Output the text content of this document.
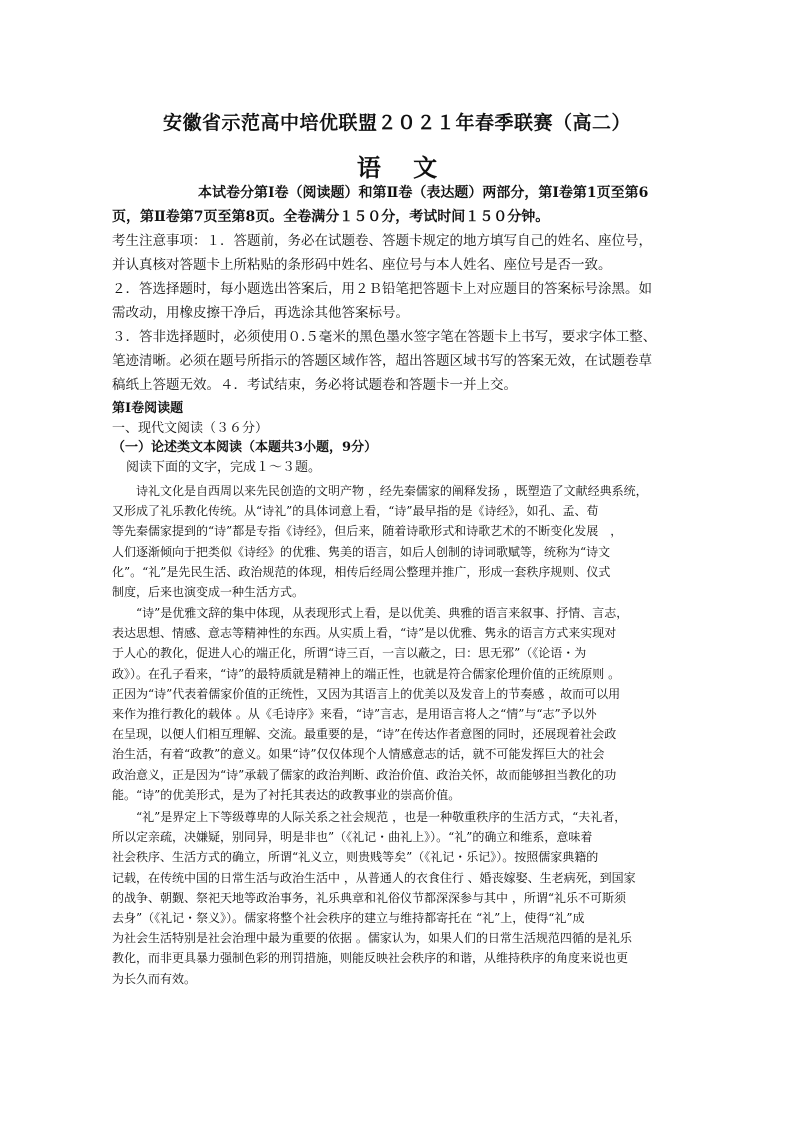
安徽省示范高中培优联盟２０２１年春季联赛（高二）
语 文

本试卷分第Ⅰ卷（阅读题）和第Ⅱ卷（表达题）两部分，第Ⅰ卷第1页至第6
页，第Ⅱ卷第7页至第8页。全卷满分１５０分，考试时间１５０分钟。

考生注意事项：１．答题前，务必在试题卷、答题卡规定的地方填写自己的姓名、座位号，
并认真核对答题卡上所粘贴的条形码中姓名、座位号与本人姓名、座位号是否一致。
２．答选择题时，每小题选出答案后，用２Ｂ铅笔把答题卡上对应题目的答案标号涂黑。如
需改动，用橡皮擦干净后，再选涂其他答案标号。
３．答非选择题时，必须使用０.５毫米的黑色墨水签字笔在答题卡上书写，要求字体工整、
笔迹清晰。必须在题号所指示的答题区域作答，超出答题区域书写的答案无效，在试题卷草
稿纸上答题无效。４．考试结束，务必将试题卷和答题卡一并上交。

第Ⅰ卷阅读题

一、现代文阅读（３６分）

（一）论述类文本阅读（本题共3小题，9分）

阅读下面的文字，完成１～３题。

　　诗礼文化是自西周以来先民创造的文明产物 ，经先秦儒家的阐释发扬 ，既塑造了文献经典系统，
又形成了礼乐教化传统。从“诗礼”的具体词意上看，“诗”最早指的是《诗经》，如孔、孟、荀
等先秦儒家提到的“诗”都是专指《诗经》，但后来，随着诗歌形式和诗歌艺术的不断变化发展　，
人们逐渐倾向于把类似《诗经》的优雅、隽美的语言，如后人创制的诗词歌赋等，统称为“诗文
化”。“礼”是先民生活、政治规范的体现，相传后经周公整理并推广，形成一套秩序规则、仪式
制度，后来也演变成一种生活方式。

　　“诗”是优雅文辞的集中体现，从表现形式上看，是以优美、典雅的语言来叙事、抒情、言志，
表达思想、情感、意志等精神性的东西。从实质上看，“诗”是以优雅、隽永的语言方式来实现对
于人心的教化，促进人心的端正化，所谓“诗三百，一言以蔽之，曰：思无邪”（《论语・为
政》）。在孔子看来，“诗”的最特质就是精神上的端正性，也就是符合儒家伦理价值的正统原则 。
正因为“诗”代表着儒家价值的正统性，又因为其语言上的优美以及发音上的节奏感 ，故而可以用
来作为推行教化的载体 。从《毛诗序》来看，“诗”言志，是用语言将人之“情”与“志”予以外
在呈现，以便人们相互理解、交流。最重要的是，“诗”在传达作者意图的同时，还展现着社会政
治生活，有着“政教”的意义。如果“诗”仅仅体现个人情感意志的话，就不可能发挥巨大的社会
政治意义，正是因为“诗”承载了儒家的政治判断、政治价值、政治关怀，故而能够担当教化的功
能。“诗”的优美形式，是为了衬托其表达的政教事业的崇高价值。

　　“礼”是界定上下等级尊卑的人际关系之社会规范 ，也是一种敬重秩序的生活方式，“夫礼者，
所以定亲疏，决嫌疑，别同异，明是非也”（《礼记・曲礼上》）。“礼”的确立和维系，意味着
社会秩序、生活方式的确立，所谓“礼义立，则贵贱等矣”（《礼记・乐记》）。按照儒家典籍的
记载，在传统中国的日常生活与政治生活中 ，从普通人的衣食住行 、婚丧嫁娶、生老病死，到国家
的战争、朝觐、祭祀天地等政治事务，礼乐典章和礼俗仪节都深深参与其中 ，所谓“礼乐不可斯须
去身”（《礼记・祭义》）。儒家将整个社会秩序的建立与维持都寄托在 “礼”上，使得“礼”成
为社会生活特别是社会治理中最为重要的依据 。儒家认为，如果人们的日常生活规范四循的是礼乐
教化，而非更具暴力强制色彩的刑罚措施，则能反映社会秩序的和谐，从维持秩序的角度来说也更
为长久而有效。
